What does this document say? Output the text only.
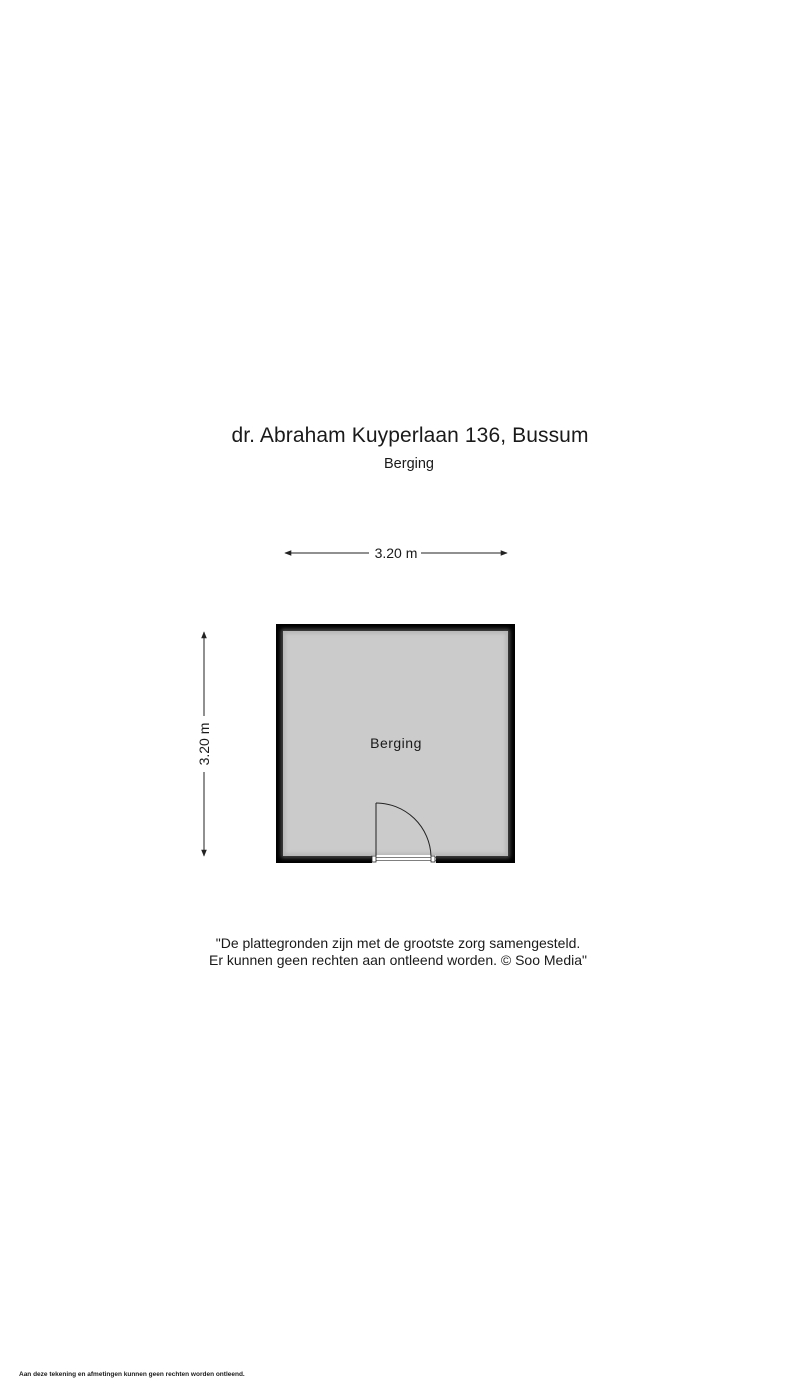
dr. Abraham Kuyperlaan 136, Bussum
Berging
3.20 m
3.20 m	Berging
"De plattegronden zijn met de grootste zorg samengesteld.
Er kunnen geen rechten aan ontleend worden. © Soo Media"
Aan deze tekening en afmetingen kunnen geen rechten worden ontleend.
